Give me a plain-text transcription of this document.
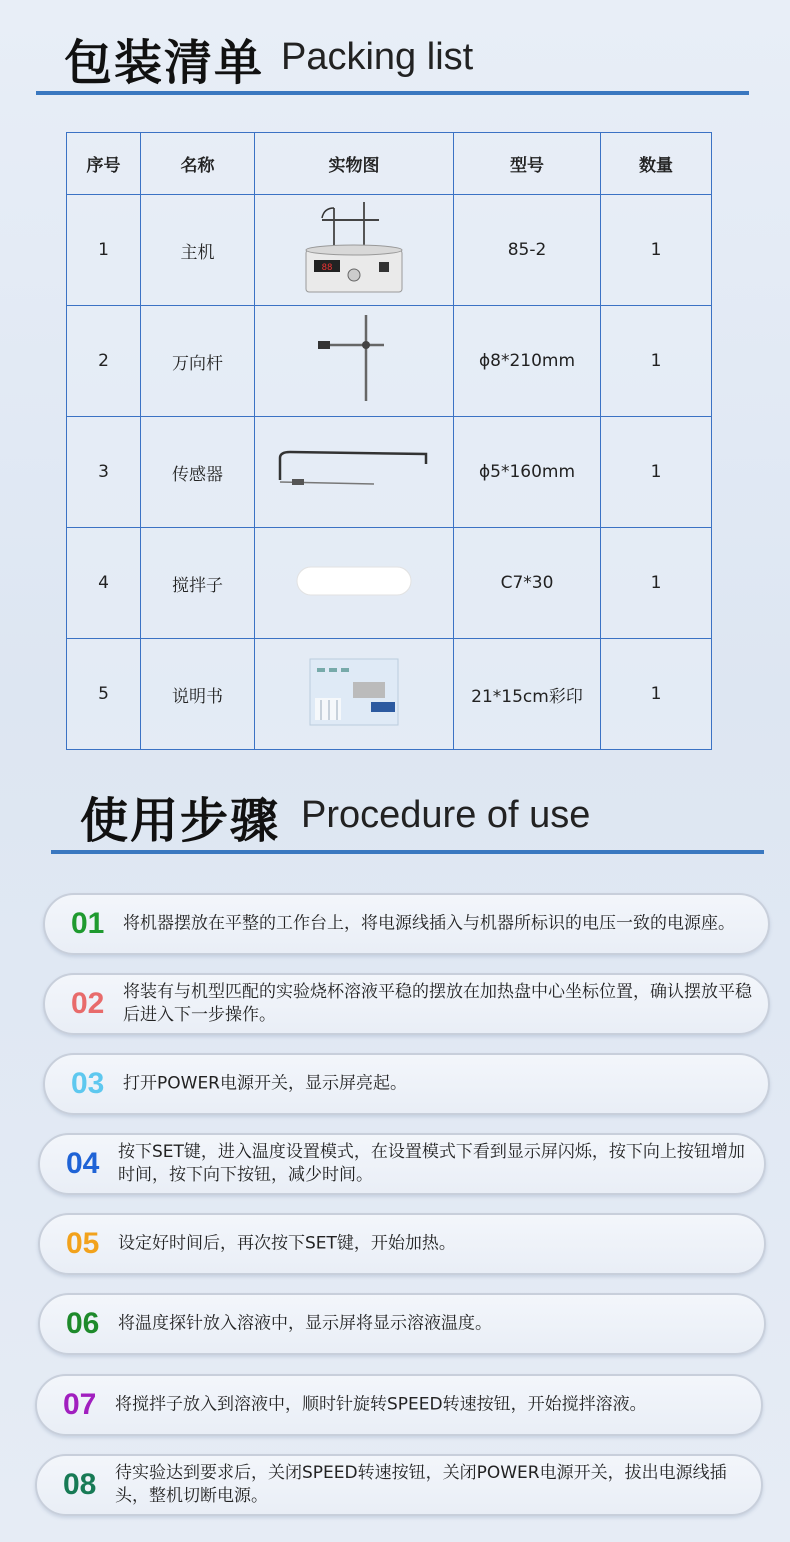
包装清单 Packing list
序号	名称	实物图	型号	数量
1	主机	88	85-2	1
2	万向杆		ϕ8*210mm	1
3	传感器		ϕ5*160mm	1
4	搅拌子		C7*30	1
5	说明书		21*15cm彩印	1
使用步骤 Procedure of use
01 将机器摆放在平整的工作台上，将电源线插入与机器所标识的电压一致的电源座。
02 将装有与机型匹配的实验烧杯溶液平稳的摆放在加热盘中心坐标位置，确认摆放平稳后进入下一步操作。
03 打开POWER电源开关，显示屏亮起。
04 按下SET键，进入温度设置模式，在设置模式下看到显示屏闪烁，按下向上按钮增加时间，按下向下按钮，减少时间。
05 设定好时间后，再次按下SET键，开始加热。
06 将温度探针放入溶液中，显示屏将显示溶液温度。
07 将搅拌子放入到溶液中，顺时针旋转SPEED转速按钮，开始搅拌溶液。
08 待实验达到要求后，关闭SPEED转速按钮，关闭POWER电源开关，拔出电源线插头，整机切断电源。
